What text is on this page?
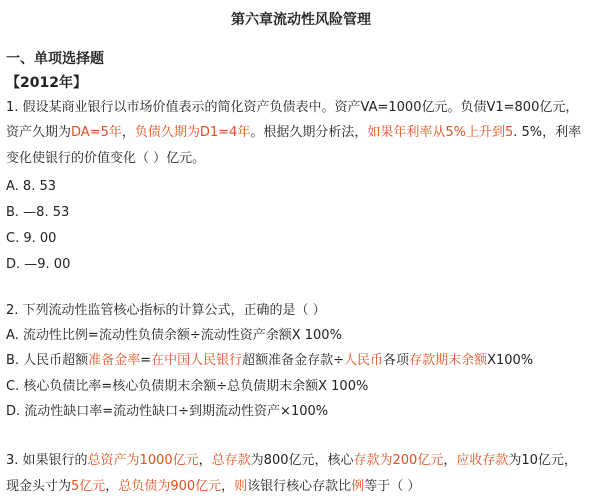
第六章流动性风险管理
一、单项选择题
【2012年】
1. 假设某商业银行以市场价值表示的简化资产负债表中。资产VA=1000亿元。负债V1=800亿元，
资产久期为DA=5年，负债久期为D1=4年。根据久期分析法，如果年利率从5%上升到5. 5%，利率
变化使银行的价值变化（ ）亿元。
A. 8. 53
B. —8. 53
C. 9. 00
D. —9. 00
2. 下列流动性监管核心指标的计算公式，正确的是（ ）
A. 流动性比例=流动性负债余额÷流动性资产余额X 100%
B. 人民币超额准备金率=在中国人民银行超额准备金存款÷人民币各项存款期末余额X100%
C. 核心负债比率=核心负债期末余额÷总负债期末余额X 100%
D. 流动性缺口率=流动性缺口÷到期流动性资产×100%
3. 如果银行的总资产为1000亿元，总存款为800亿元，核心存款为200亿元，应收存款为10亿元，
现金头寸为5亿元，总负债为900亿元，则该银行核心存款比例等于（ ）
